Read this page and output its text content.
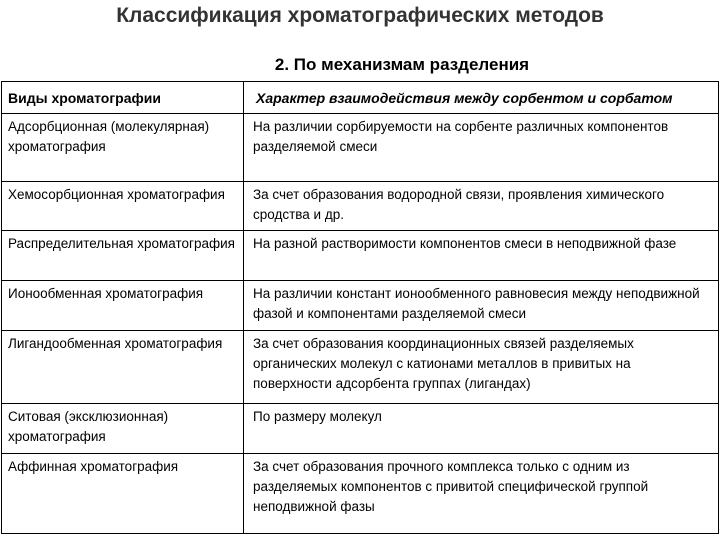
Классификация хроматографических методов
2. По механизмам разделения
Виды хроматографии	Характер взаимодействия между сорбентом и сорбатом
Адсорбционная (молекулярная) хроматография	На различии сорбируемости на сорбенте различных компонентов разделяемой смеси
Хемосорбционная хроматография	За счет образования водородной связи, проявления химического сродства и др.
Распределительная хроматография	На разной растворимости компонентов смеси в неподвижной фазе
Ионообменная хроматография	На различии констант ионообменного равновесия между неподвижной фазой и компонентами разделяемой смеси
Лигандообменная хроматография	За счет образования координационных связей разделяемых органических молекул с катионами металлов в привитых на поверхности адсорбента группах (лигандах)
Ситовая (эксклюзионная) хроматография	По размеру молекул
Аффинная хроматография	За счет образования прочного комплекса только с одним из разделяемых компонентов с привитой специфической группой неподвижной фазы
